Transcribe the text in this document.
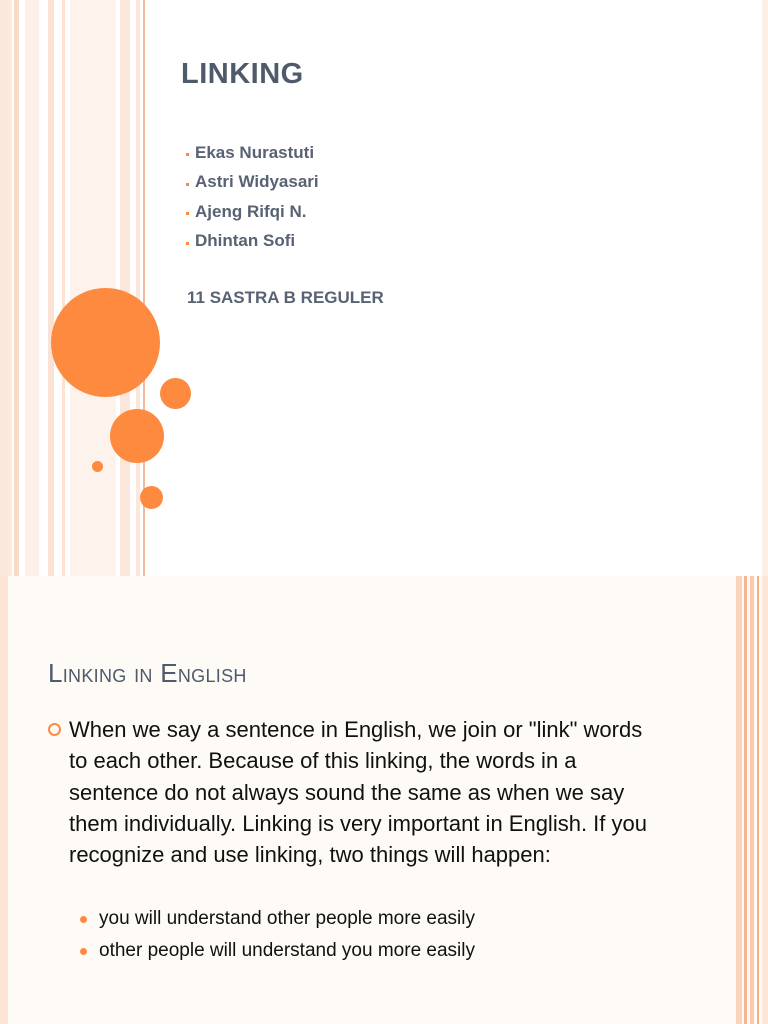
LINKING
Ekas Nurastuti
Astri Widyasari
Ajeng Rifqi N.
Dhintan Sofi
11 SASTRA B REGULER
Linking in English
When we say a sentence in English, we join or "link" words to each other. Because of this linking, the words in a sentence do not always sound the same as when we say them individually. Linking is very important in English. If you recognize and use linking, two things will happen:
you will understand other people more easily
other people will understand you more easily
